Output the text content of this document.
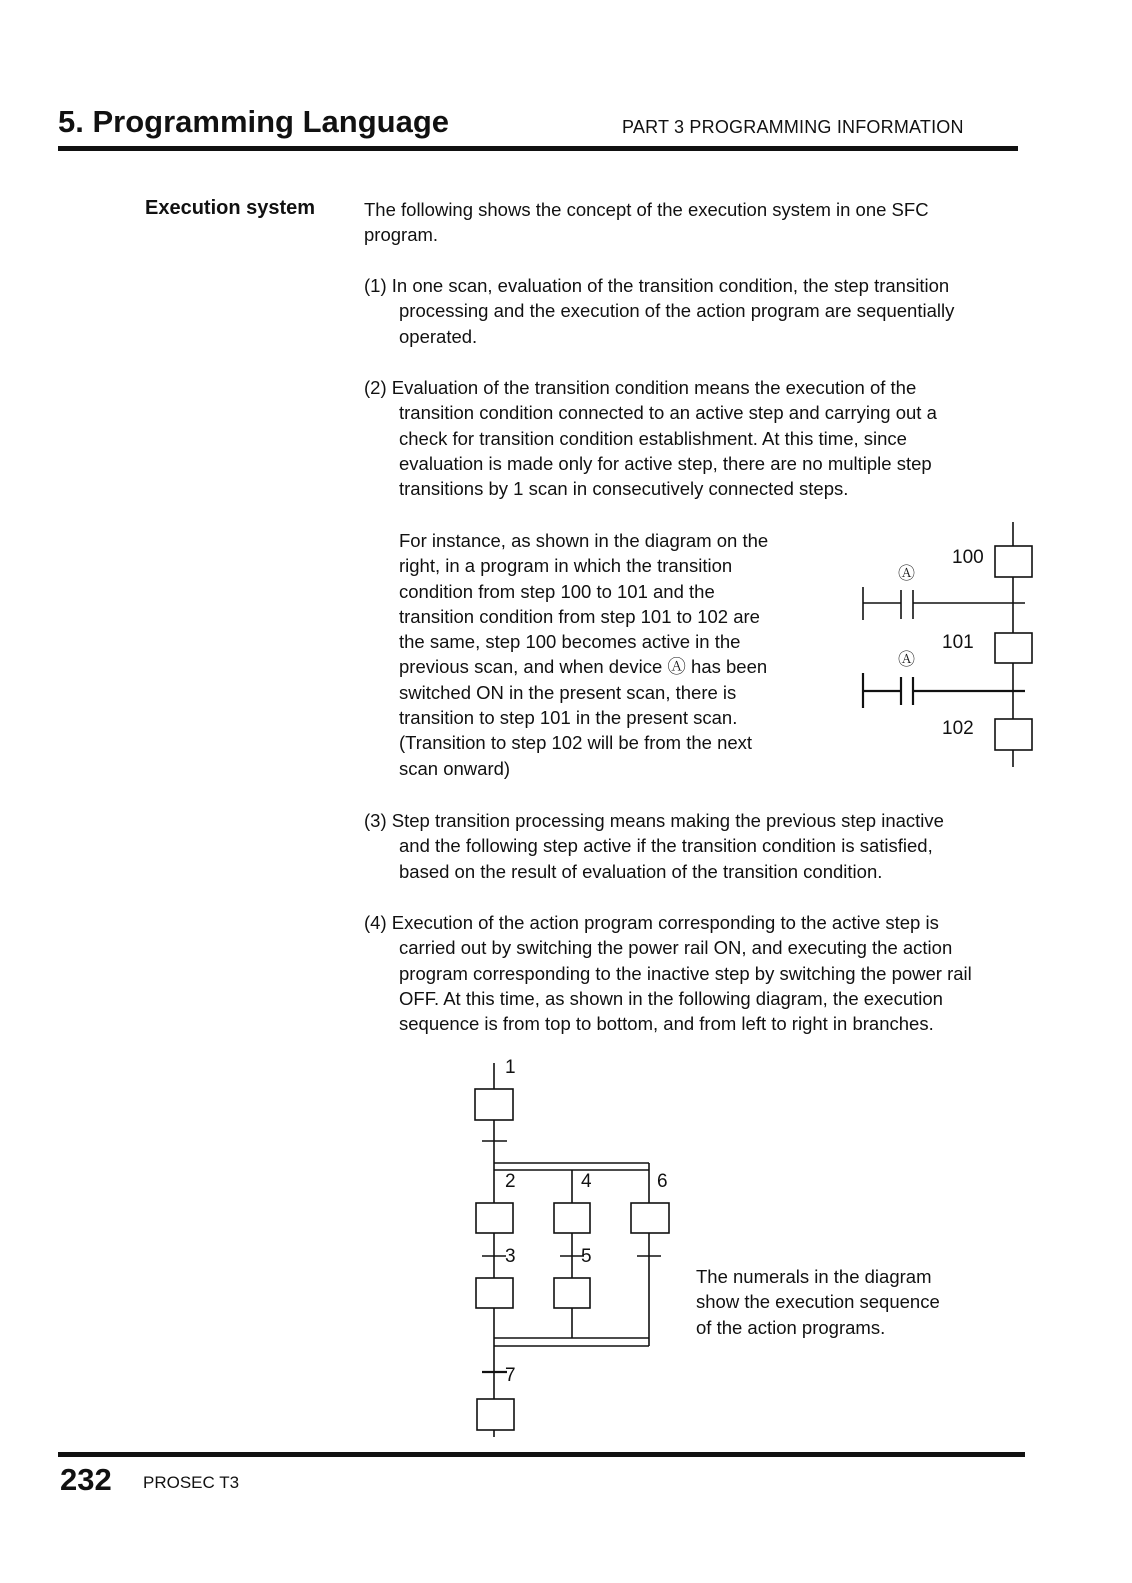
5. Programming Language	PART 3 PROGRAMMING INFORMATION
Execution system	The following shows the concept of the execution system in one SFC
program.
(1) In one scan, evaluation of the transition condition, the step transition
processing and the execution of the action program are sequentially
operated.
(2) Evaluation of the transition condition means the execution of the
transition condition connected to an active step and carrying out a
check for transition condition establishment. At this time, since
evaluation is made only for active step, there are no multiple step
transitions by 1 scan in consecutively connected steps.
For instance, as shown in the diagram on the
right, in a program in which the transition
condition from step 100 to 101 and the
transition condition from step 101 to 102 are
the same, step 100 becomes active in the
previous scan, and when device Ⓐ has been
switched ON in the present scan, there is
transition to step 101 in the present scan.
(Transition to step 102 will be from the next
scan onward)
(3) Step transition processing means making the previous step inactive
and the following step active if the transition condition is satisfied,
based on the result of evaluation of the transition condition.
(4) Execution of the action program corresponding to the active step is
carried out by switching the power rail ON, and executing the action
program corresponding to the inactive step by switching the power rail
OFF. At this time, as shown in the following diagram, the execution
sequence is from top to bottom, and from left to right in branches.
The numerals in the diagram
show the execution sequence
of the action programs.
100
101
102
Ⓐ
Ⓐ
1
2
3
4
5
6
7
232 PROSEC T3
